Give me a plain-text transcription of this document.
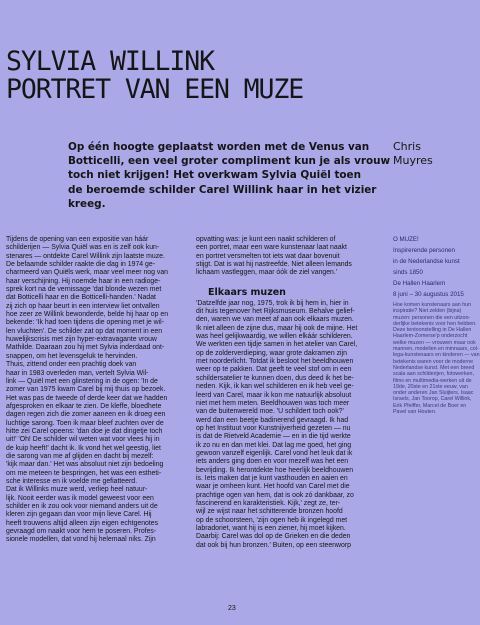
SYLVIA WILLINK
PORTRET VAN EEN MUZE
Op één hoogte geplaatst worden met de Venus van
Botticelli, een veel groter compliment kun je als vrouw
toch niet krijgen! Het overkwam Sylvia Quiël toen
de beroemde schilder Carel Willink haar in het vizier
kreeg.
Chris
Muyres
Tijdens de opening van een expositie van háár
schilderijen — Sylvia Quiël was en is zelf ook kun-
stenares — ontdekte Carel Willink zijn laatste muze.
De befaamde schilder raakte die dag in 1974 ge-
charmeerd van Quiëls werk, maar veel meer nog van
haar verschijning. Hij noemde haar in een radioge-
sprek kort na de vernissage 'dat blonde wezen met
dat Botticelli haar en die Botticelli-handen.' Nadat
zij zich op haar beurt in een interview liet ontvallen
hoe zeer ze Willink bewonderde, belde hij haar op en
bekende: 'Ik had toen tijdens die opening met je wil-
len vluchten'. De schilder zat op dat moment in een
huwelijkscrisis met zijn hyper-extravagante vrouw
Mathilde. Daaraan zou hij met Sylvia inderdaad ont-
snappen, om het levensgeluk te hervinden.
Thuis, zittend onder een prachtig doek van
haar in 1983 overleden man, vertelt Sylvia Wil-
link — Quiël met een glinstering in de ogen: 'In de
zomer van 1975 kwam Carel bij mij thuis op bezoek.
Het was pas de tweede of derde keer dat we hadden
afgesproken en elkaar te zien. De kleffe, bloedhete
dagen regen zich die zomer aaneen en ik droeg een
luchtige sarong. Toen ik maar bleef zuchten over de
hitte zei Carel opeens: 'dan doe je dat dingetje toch
uit!' 'Oh! De schilder wil weten wat voor vlees hij in
de kuip heeft!' dacht ik. Ik vond het wel geestig, liet
die sarong van me af glijden en dacht bij mezelf:
'kijk maar dan.' Het was absoluut niet zijn bedoeling
om me meteen te bespringen, het was een estheti-
sche interesse en ik voelde me gefiatteerd.
Dat ik Willinks muze werd, verliep heel natuur-
lijk. Nooit eerder was ik model geweest voor een
schilder en ik zou ook voor niemand anders uit de
kleren zijn gegaan dan voor mijn lieve Carel. Hij
heeft trouwens altijd alleen zijn eigen echtgenotes
gevraagd om naakt voor hem te poseren. Profes-
sionele modellen, dat vond hij helemaal niks. Zijn
opvatting was: je kunt een naakt schilderen of
een portret, maar een ware kunstenaar laat naakt
en portret versmelten tot iets wat daar bovenuit
stijgt. Dat is wat hij nastreefde. Niet alleen lemands
lichaam vastleggen, maar óók de ziel vangen.'
Elkaars muzen
'Datzelfde jaar nog, 1975, trok ik bij hem in, hier in
dit huis tegenover het Rijksmuseum. Behalve gelief-
den, waren we van meet af aan ook elkaars muzen.
Ik niet alleen de zijne dus, maar hij ook de mijne. Het
was heel gelijkwaardig, we willen elkáár schilderen.
We werkten een tijdje samen in het atelier van Carel,
op de zolderverdieping, waar grote dakramen zijn
met noorderlicht. Totdat ik besloot het beeldhouwen
weer op te pakken. Dat geeft te veel stof om in een
schildersatelier te kunnen doen, dus deed ik het be-
neden. Kijk, ik kan wel schilderen en ik heb veel ge-
leerd van Carel, maar ik kon me natuurlijk absoluut
niet met hem meten. Beeldhouwen was toch meer
van de buitenwereld moe. 'U schildert toch ook?'
werd dan een beetje badinerend gevraagd. Ik had
op het Instituut voor Kunstnijverheid gezeten — nu
is dat de Rietveld Academie — en in die tijd werkte
ik zo nu en dan met klei. Dat lag me goed, het ging
gewoon vanzelf eigenlijk. Carel vond het leuk dat ik
iets anders ging doen en voor mezelf was het een
bevrijding. Ik herontdekte hoe heerlijk beeldhouwen
is. Iets maken dat je kunt vasthouden en aaien en
waar je omheen kunt. Het hoofd van Carel met die
prachtige ogen van hem, dat is ook zó dankbaar, zo
fascinerend en karakteristiek. Kijk,' zegt ze, ter-
wijl ze wijst naar het schitterende bronzen hoofd
op de schoorsteen, 'zijn ogen heb ik ingelegd met
labradoriet, want hij is een ziener, hij moet kijken.
Daarbij: Carel was dol op de Grieken en die deden
dat ook bij hun bronzen.' Buiten, op een steenworp
O MUZE!
Inspirerende personen
in de Nederlandse kunst
sinds 1850
De Hallen Haarlem
8 juni – 30 augustus 2015
Hoe komen kunstenaars aan hun
inspiratie? Niet zelden (bijna)
muzen: personen die een uitzon-
derlijke betekenis voor hen hebben.
Deze tentoonstelling in De Hallen
Haarlem-Zomerse'p onderzocht
welke muzen — vrouwen maar ook
mannen, modellen en minnaars, col-
lega-kunstenaars en kinderen — van
betekenis waren voor de moderne
Nederlandse kunst. Met een breed
scala aan schilderijen, fotowerken,
films en multimedia-werken uit de
19de, 20ste en 21ste eeuw, van
onder anderen Jan Sluijters, Isaac
Israels, Jan Toorop, Carel Willink,
Erik Pfeiffer, Marcel de Boer en
Pavel van Houten.
23
